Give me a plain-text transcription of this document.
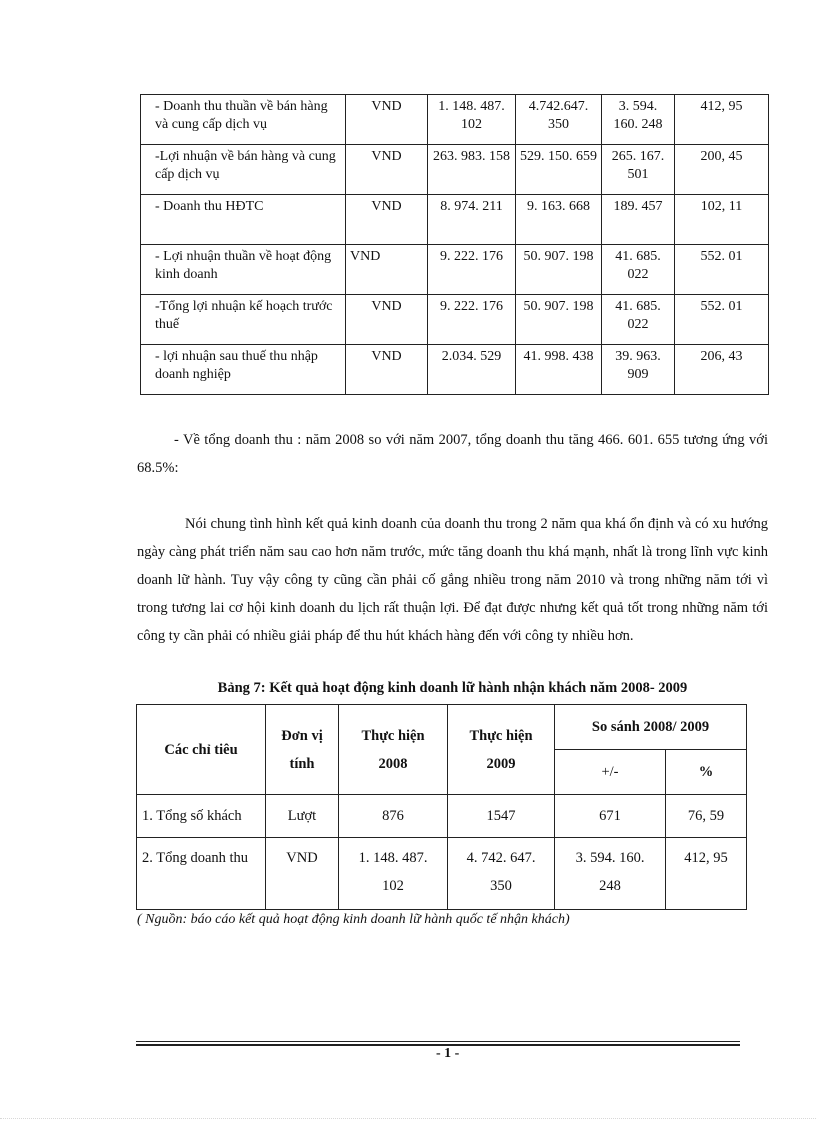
- Doanh thu thuần về bán hàng và cung cấp dịch vụ	VND	1. 148. 487. 102	4.742.647. 350	3. 594. 160. 248	412, 95
-Lợi nhuận về bán hàng và cung cấp dịch vụ	VND	263. 983. 158	529. 150. 659	265. 167. 501	200, 45
- Doanh thu HĐTC	VND	8. 974. 211	9. 163. 668	189. 457	102, 11
- Lợi nhuận thuần về hoạt động kinh doanh	VND	9. 222. 176	50. 907. 198	41. 685. 022	552. 01
-Tổng lợi nhuận kế hoạch trước thuế	VND	9. 222. 176	50. 907. 198	41. 685. 022	552. 01
- lợi nhuận sau thuế thu nhập doanh nghiệp	VND	2.034. 529	41. 998. 438	39. 963. 909	206, 43
- Về tổng doanh thu : năm 2008 so với năm 2007, tổng doanh thu tăng 466. 601. 655 tương ứng với 68.5%:
Nói chung tình hình kết quả kinh doanh của doanh thu trong 2 năm qua khá ổn định và có xu hướng ngày càng phát triển năm sau cao hơn năm trước, mức tăng doanh thu khá mạnh, nhất là trong lĩnh vực kinh doanh lữ hành. Tuy vậy công ty cũng cần phải cố gắng nhiều trong năm 2010 và trong những năm tới vì trong tương lai cơ hội kinh doanh du lịch rất thuận lợi. Để đạt được nhưng kết quả tốt trong những năm tới công ty cần phải có nhiều giải pháp để thu hút khách hàng đến với công ty nhiều hơn.
Bảng 7: Kết quả hoạt động kinh doanh lữ hành nhận khách năm 2008- 2009
Các chỉ tiêu	Đơn vị tính	Thực hiện 2008	Thực hiện 2009	So sánh 2008/ 2009	
				+/-	%
1. Tổng số khách	Lượt	876	1547	671	76, 59
2. Tổng doanh thu	VND	1. 148. 487. 102	4. 742. 647. 350	3. 594. 160. 248	412, 95
( Nguồn: báo cáo kết quả hoạt động kinh doanh lữ hành quốc tế nhận khách)
- 1 -
